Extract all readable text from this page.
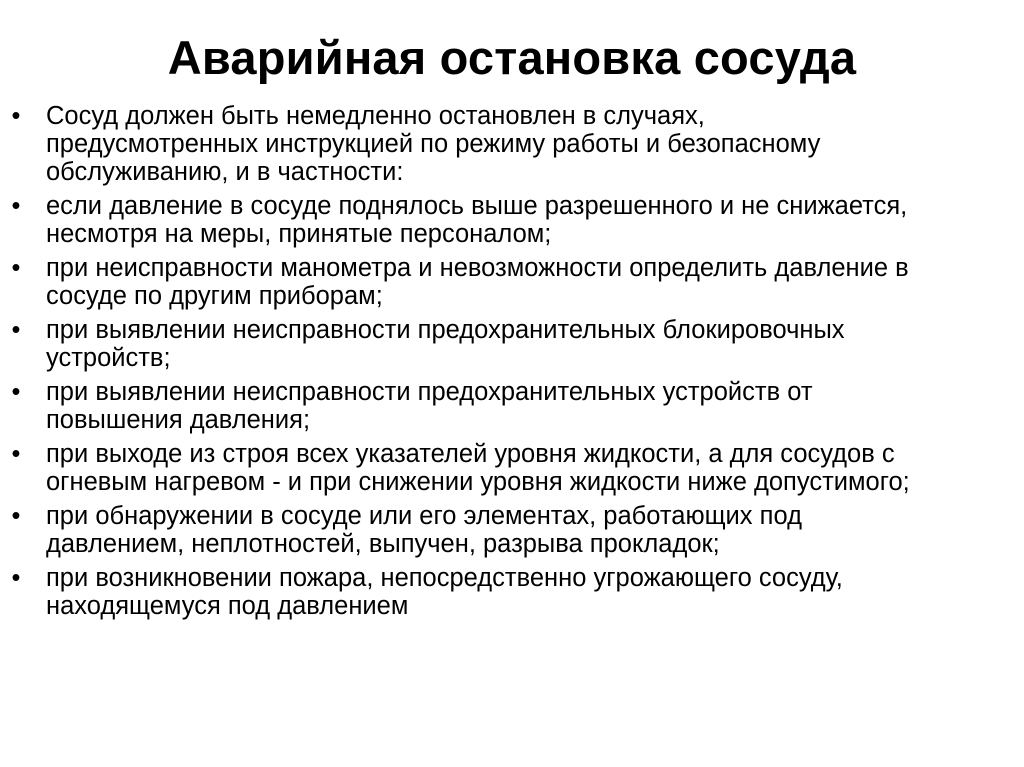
Аварийная остановка сосуда
• Сосуд должен быть немедленно остановлен в случаях,
предусмотренных инструкцией по режиму работы и безопасному
обслуживанию, и в частности:
• если давление в сосуде поднялось выше разрешенного и не снижается,
несмотря на меры, принятые персоналом;
• при неисправности манометра и невозможности определить давление в
сосуде по другим приборам;
• при выявлении неисправности предохранительных блокировочных
устройств;
• при выявлении неисправности предохранительных устройств от
повышения давления;
• при выходе из строя всех указателей уровня жидкости, а для сосудов с
огневым нагревом - и при снижении уровня жидкости ниже допустимого;
• при обнаружении в сосуде или его элементах, работающих под
давлением, неплотностей, выпучен, разрыва прокладок;
• при возникновении пожара, непосредственно угрожающего сосуду,
находящемуся под давлением
